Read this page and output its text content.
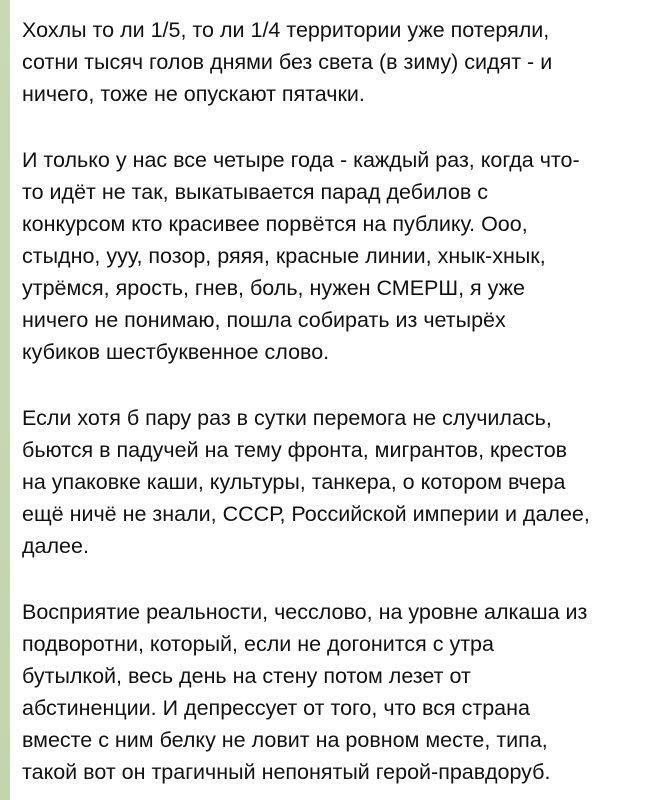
Хохлы то ли 1/5, то ли 1/4 территории уже потеряли,
сотни тысяч голов днями без света (в зиму) сидят - и
ничего, тоже не опускают пятачки.

И только у нас все четыре года - каждый раз, когда что-
то идёт не так, выкатывается парад дебилов с
конкурсом кто красивее порвётся на публику. Ооо,
стыдно, ууу, позор, ряяя, красные линии, хнык-хнык,
утрёмся, ярость, гнев, боль, нужен СМЕРШ, я уже
ничего не понимаю, пошла собирать из четырёх
кубиков шестбуквенное слово.

Если хотя б пару раз в сутки перемога не случилась,
бьются в падучей на тему фронта, мигрантов, крестов
на упаковке каши, культуры, танкера, о котором вчера
ещё ничё не знали, СССР, Российской империи и далее,
далее.

Восприятие реальности, чесслово, на уровне алкаша из
подворотни, который, если не догонится с утра
бутылкой, весь день на стену потом лезет от
абстиненции. И депрессует от того, что вся страна
вместе с ним белку не ловит на ровном месте, типа,
такой вот он трагичный непонятый герой-правдоруб.
